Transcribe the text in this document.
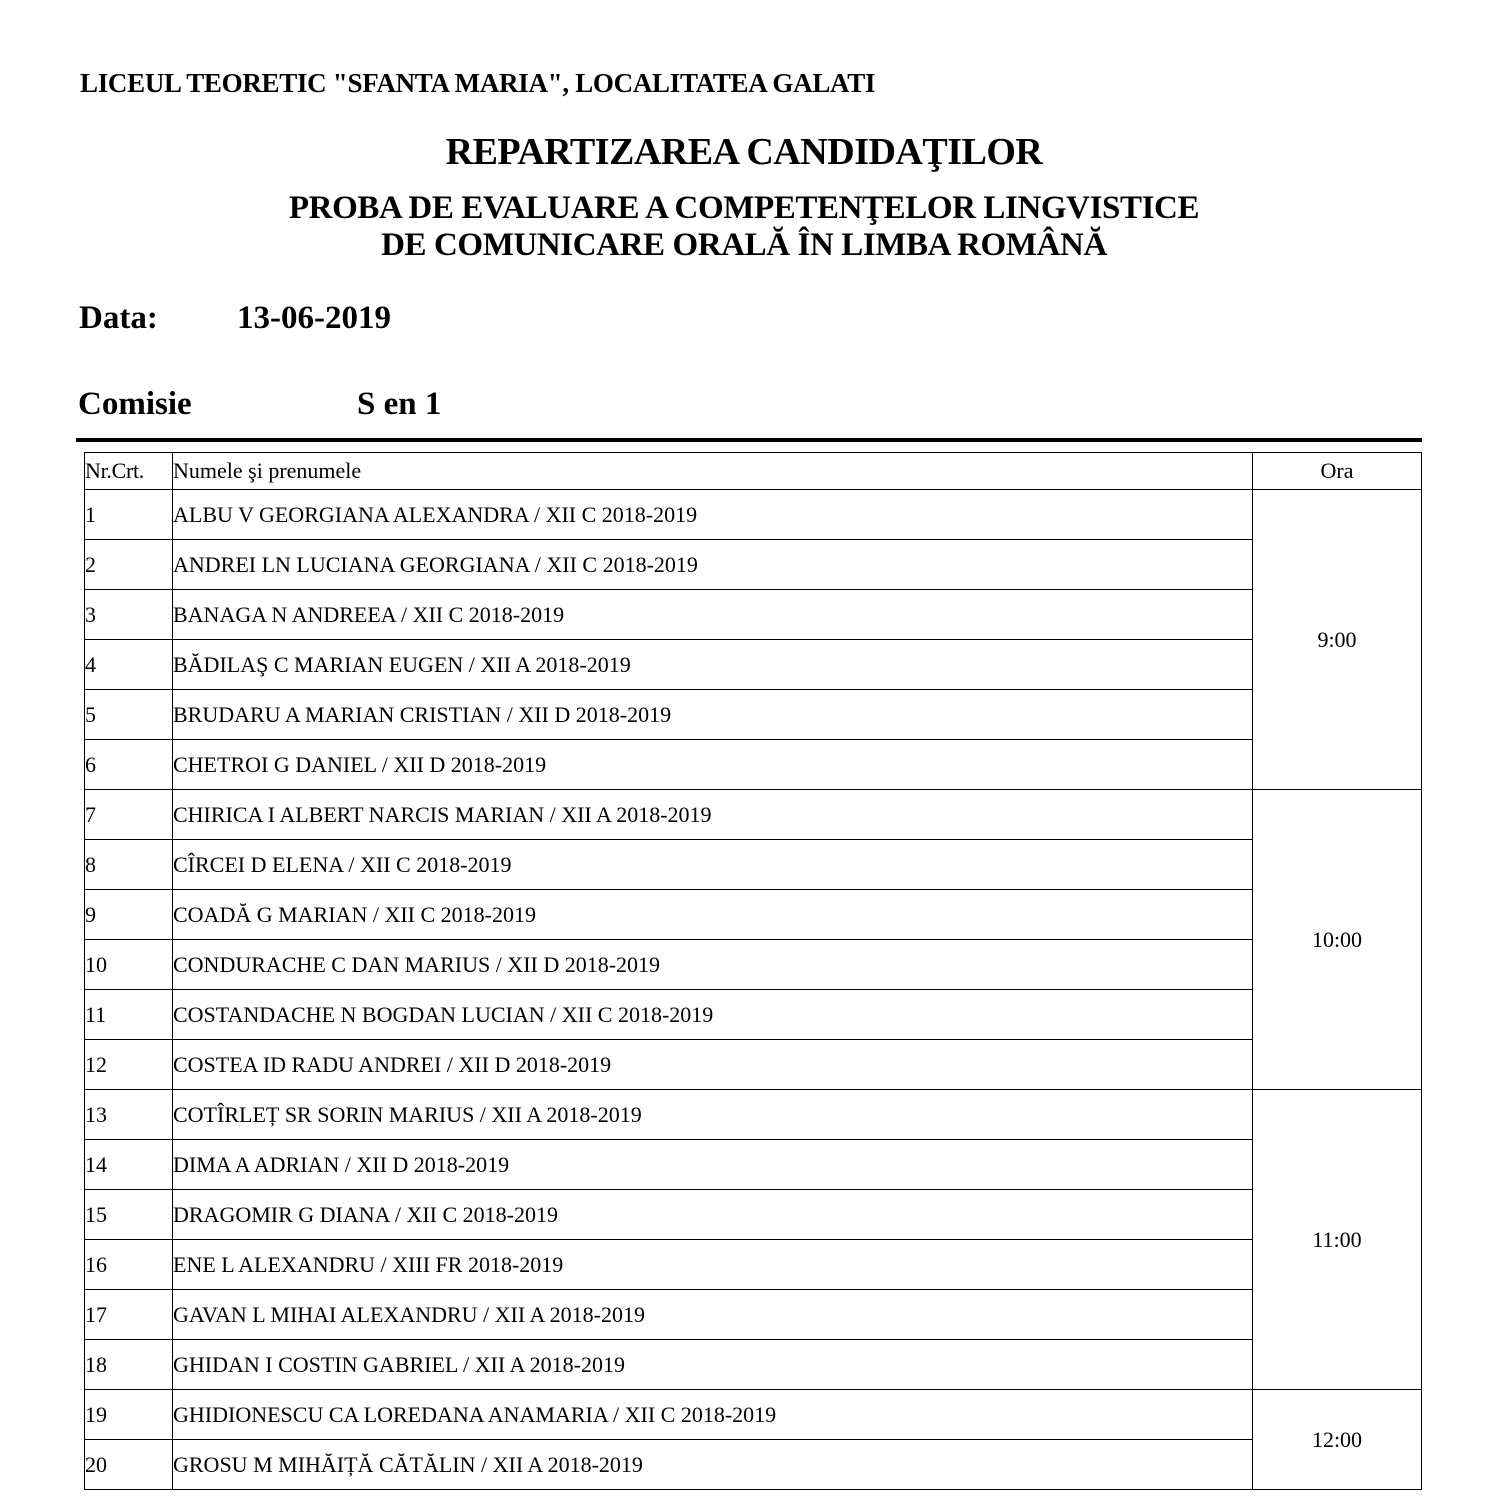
LICEUL TEORETIC "SFANTA MARIA", LOCALITATEA GALATI
REPARTIZAREA CANDIDAŢILOR
PROBA DE EVALUARE A COMPETENŢELOR LINGVISTICE
DE COMUNICARE ORALĂ ÎN LIMBA ROMÂNĂ
Data: 13-06-2019
Comisie	S en 1
Nr.Crt.	Numele şi prenumele	Ora
1	ALBU V GEORGIANA ALEXANDRA / XII C 2018-2019	9:00
2	ANDREI LN LUCIANA GEORGIANA / XII C 2018-2019	
3	BANAGA N ANDREEA / XII C 2018-2019	
4	BĂDILAŞ C MARIAN EUGEN / XII A 2018-2019	
5	BRUDARU A MARIAN CRISTIAN / XII D 2018-2019	
6	CHETROI G DANIEL / XII D 2018-2019	
7	CHIRICA I ALBERT NARCIS MARIAN / XII A 2018-2019	10:00
8	CÎRCEI D ELENA / XII C 2018-2019	
9	COADĂ G MARIAN / XII C 2018-2019	
10	CONDURACHE C DAN MARIUS / XII D 2018-2019	
11	COSTANDACHE N BOGDAN LUCIAN / XII C 2018-2019	
12	COSTEA ID RADU ANDREI / XII D 2018-2019	
13	COTÎRLEȚ SR SORIN MARIUS / XII A 2018-2019	11:00
14	DIMA A ADRIAN / XII D 2018-2019	
15	DRAGOMIR G DIANA / XII C 2018-2019	
16	ENE L ALEXANDRU / XIII FR 2018-2019	
17	GAVAN L MIHAI ALEXANDRU / XII A 2018-2019	
18	GHIDAN I COSTIN GABRIEL / XII A 2018-2019	
19	GHIDIONESCU CA LOREDANA ANAMARIA / XII C 2018-2019	12:00
20	GROSU M MIHĂIȚĂ CĂTĂLIN / XII A 2018-2019	
